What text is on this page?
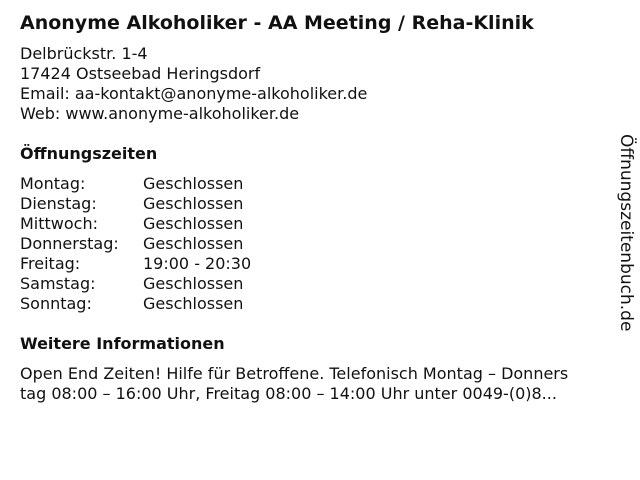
Anonyme Alkoholiker - AA Meeting / Reha-Klinik
Delbrückstr. 1-4
17424 Ostseebad Heringsdorf
Email: aa-kontakt@anonyme-alkoholiker.de
Web: www.anonyme-alkoholiker.de
Öffnungszeiten
Montag:	Geschlossen
Dienstag:	Geschlossen
Mittwoch:	Geschlossen
Donnerstag:	Geschlossen
Freitag:	19:00 - 20:30
Samstag:	Geschlossen
Sonntag:	Geschlossen
Weitere Informationen
Open End Zeiten! Hilfe für Betroffene. Telefonisch Montag – Donners
tag 08:00 – 16:00 Uhr, Freitag 08:00 – 14:00 Uhr unter 0049-(0)8...
Öffnungszeitenbuch.de
